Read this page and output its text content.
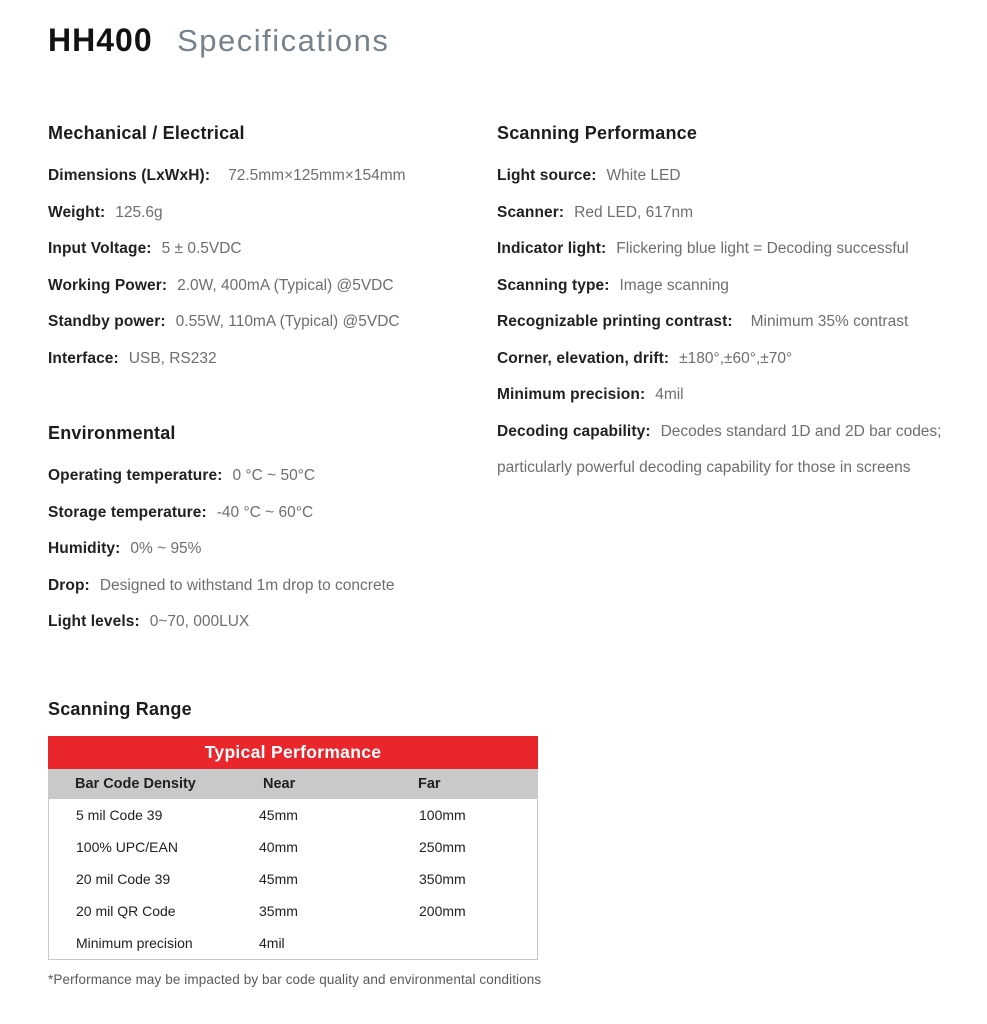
HH400 Specifications
Mechanical / Electrical

Dimensions (LxWxH): 72.5mm×125mm×154mm

Weight: 125.6g

Input Voltage: 5 ± 0.5VDC

Working Power: 2.0W, 400mA (Typical) @5VDC

Standby power: 0.55W, 110mA (Typical) @5VDC

Interface: USB, RS232

Environmental

Operating temperature: 0 °C ~ 50°C

Storage temperature: -40 °C ~ 60°C

Humidity: 0% ~ 95%

Drop: Designed to withstand 1m drop to concrete

Light levels: 0~70, 000LUX

Scanning Performance

Light source: White LED

Scanner: Red LED, 617nm

Indicator light: Flickering blue light = Decoding successful

Scanning type: Image scanning

Recognizable printing contrast: Minimum 35% contrast

Corner, elevation, drift: ±180°,±60°,±70°

Minimum precision: 4mil

Decoding capability: Decodes standard 1D and 2D bar codes; particularly powerful decoding capability for those in screens

Scanning Range
Typical Performance
Bar Code Density	Near	Far
5 mil Code 39	45mm	100mm
100% UPC/EAN	40mm	250mm
20 mil Code 39	45mm	350mm
20 mil QR Code	35mm	200mm
Minimum precision	4mil
*Performance may be impacted by bar code quality and environmental conditions
